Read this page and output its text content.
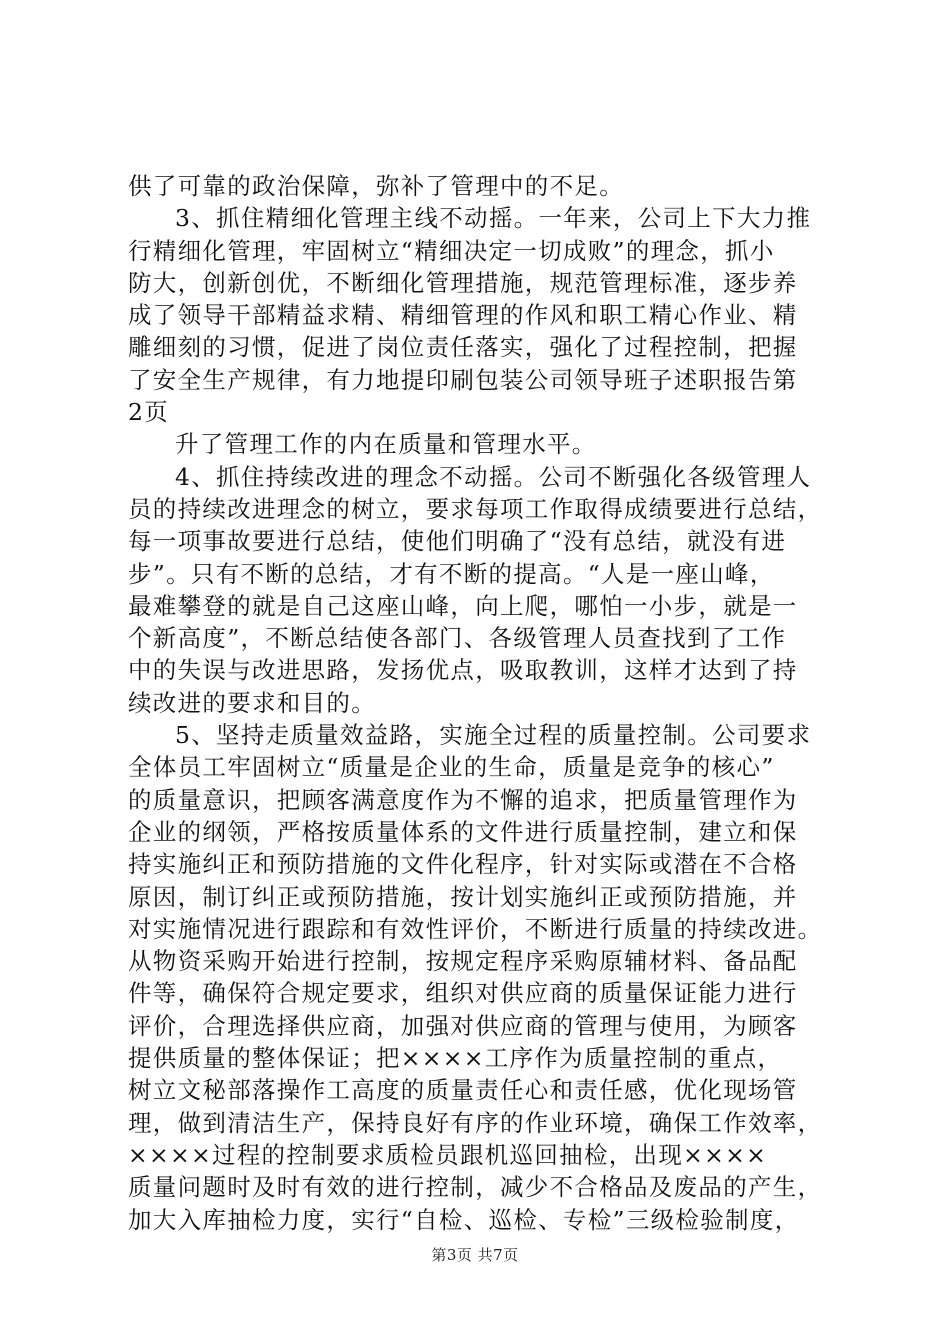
供了可靠的政治保障，弥补了管理中的不足。
3、抓住精细化管理主线不动摇。一年来，公司上下大力推
行精细化管理，牢固树立“精细决定一切成败”的理念，抓小
防大，创新创优，不断细化管理措施，规范管理标准，逐步养
成了领导干部精益求精、精细管理的作风和职工精心作业、精
雕细刻的习惯，促进了岗位责任落实，强化了过程控制，把握
了安全生产规律，有力地提印刷包装公司领导班子述职报告第
2页
升了管理工作的内在质量和管理水平。
4、抓住持续改进的理念不动摇。公司不断强化各级管理人
员的持续改进理念的树立，要求每项工作取得成绩要进行总结，
每一项事故要进行总结，使他们明确了“没有总结，就没有进
步”。只有不断的总结，才有不断的提高。“人是一座山峰，
最难攀登的就是自己这座山峰，向上爬，哪怕一小步，就是一
个新高度”，不断总结使各部门、各级管理人员查找到了工作
中的失误与改进思路，发扬优点，吸取教训，这样才达到了持
续改进的要求和目的。
5、坚持走质量效益路，实施全过程的质量控制。公司要求
全体员工牢固树立“质量是企业的生命，质量是竞争的核心”
的质量意识，把顾客满意度作为不懈的追求，把质量管理作为
企业的纲领，严格按质量体系的文件进行质量控制，建立和保
持实施纠正和预防措施的文件化程序，针对实际或潜在不合格
原因，制订纠正或预防措施，按计划实施纠正或预防措施，并
对实施情况进行跟踪和有效性评价，不断进行质量的持续改进。
从物资采购开始进行控制，按规定程序采购原辅材料、备品配
件等，确保符合规定要求，组织对供应商的质量保证能力进行
评价，合理选择供应商，加强对供应商的管理与使用，为顾客
提供质量的整体保证；把××××工序作为质量控制的重点，
树立文秘部落操作工高度的质量责任心和责任感，优化现场管
理，做到清洁生产，保持良好有序的作业环境，确保工作效率，
××××过程的控制要求质检员跟机巡回抽检，出现××××
质量问题时及时有效的进行控制，减少不合格品及废品的产生，
加大入库抽检力度，实行“自检、巡检、专检”三级检验制度，
第3页 共7页
